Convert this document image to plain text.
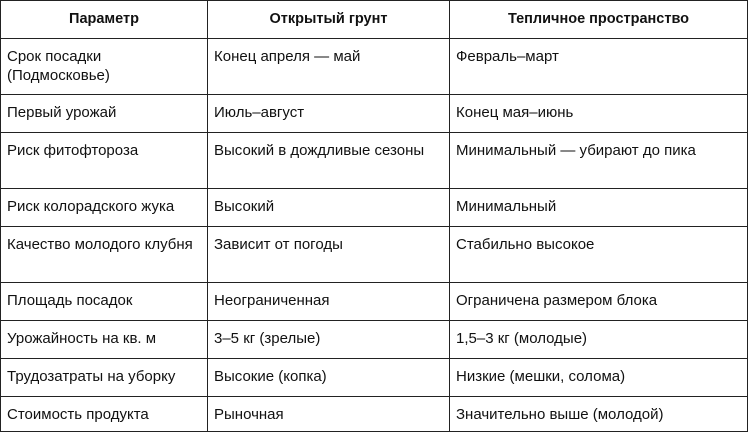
Параметр	Открытый грунт	Тепличное пространство
Срок посадки (Подмосковье)	Конец апреля — май	Февраль–март
Первый урожай	Июль–август	Конец мая–июнь
Риск фитофтороза	Высокий в дождливые сезоны	Минимальный — убирают до пика
Риск колорадского жука	Высокий	Минимальный
Качество молодого клубня	Зависит от погоды	Стабильно высокое
Площадь посадок	Неограниченная	Ограничена размером блока
Урожайность на кв. м	3–5 кг (зрелые)	1,5–3 кг (молодые)
Трудозатраты на уборку	Высокие (копка)	Низкие (мешки, солома)
Стоимость продукта	Рыночная	Значительно выше (молодой)
